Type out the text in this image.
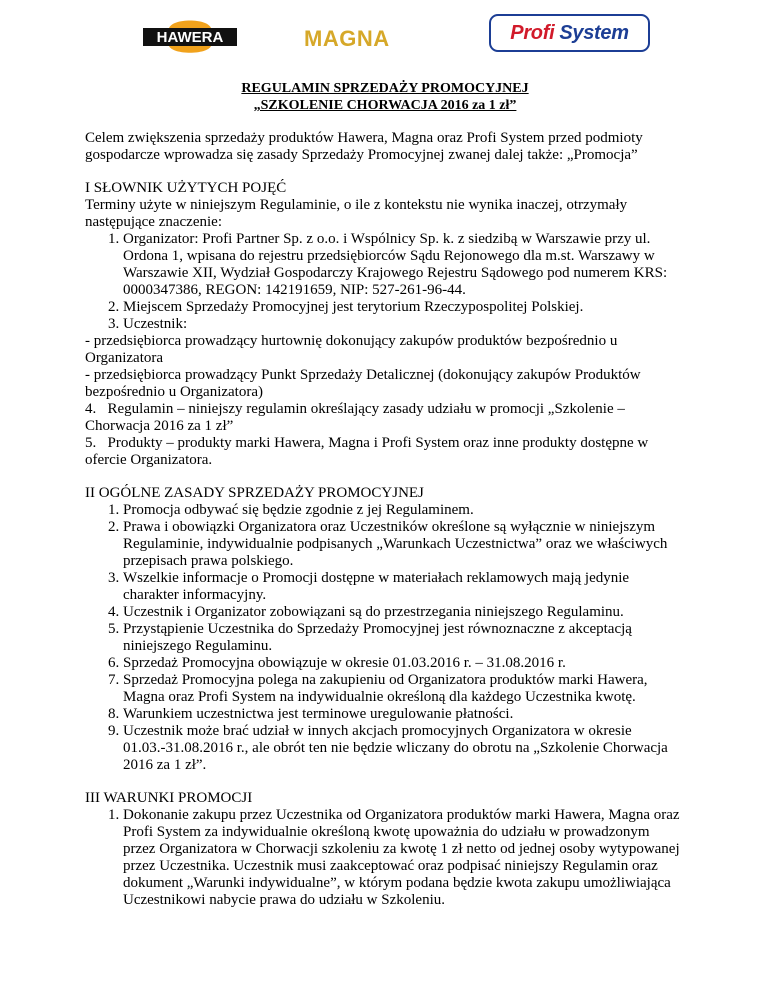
HAWERA	MAGNA	Profi System

REGULAMIN SPRZEDAŻY PROMOCYJNEJ

„SZKOLENIE CHORWACJA 2016 za 1 zł”

Celem zwiększenia sprzedaży produktów Hawera, Magna oraz Profi System przed podmioty gospodarcze wprowadza się zasady Sprzedaży Promocyjnej zwanej dalej także: „Promocja”

I SŁOWNIK UŻYTYCH POJĘĆ

Terminy użyte w niniejszym Regulaminie, o ile z kontekstu nie wynika inaczej, otrzymały następujące znaczenie:

1. Organizator: Profi Partner Sp. z o.o. i Wspólnicy Sp. k. z siedzibą w Warszawie przy ul. Ordona 1, wpisana do rejestru przedsiębiorców Sądu Rejonowego dla m.st. Warszawy w Warszawie XII, Wydział Gospodarczy Krajowego Rejestru Sądowego pod numerem KRS: 0000347386, REGON: 142191659, NIP: 527-261-96-44.
2. Miejscem Sprzedaży Promocyjnej jest terytorium Rzeczypospolitej Polskiej.
3. Uczestnik:

- przedsiębiorca prowadzący hurtownię dokonujący zakupów produktów bezpośrednio u Organizatora

- przedsiębiorca prowadzący Punkt Sprzedaży Detalicznej (dokonujący zakupów Produktów bezpośrednio u Organizatora)

4.   Regulamin – niniejszy regulamin określający zasady udziału w promocji „Szkolenie – Chorwacja 2016 za 1 zł”

5.   Produkty – produkty marki Hawera, Magna i Profi System oraz inne produkty dostępne w ofercie Organizatora.

II OGÓLNE ZASADY SPRZEDAŻY PROMOCYJNEJ

1. Promocja odbywać się będzie zgodnie z jej Regulaminem.
2. Prawa i obowiązki Organizatora oraz Uczestników określone są wyłącznie w niniejszym Regulaminie, indywidualnie podpisanych „Warunkach Uczestnictwa” oraz we właściwych przepisach prawa polskiego.
3. Wszelkie informacje o Promocji dostępne w materiałach reklamowych mają jedynie charakter informacyjny.
4. Uczestnik i Organizator zobowiązani są do przestrzegania niniejszego Regulaminu.
5. Przystąpienie Uczestnika do Sprzedaży Promocyjnej jest równoznaczne z akceptacją niniejszego Regulaminu.
6. Sprzedaż Promocyjna obowiązuje w okresie 01.03.2016 r. – 31.08.2016 r.
7. Sprzedaż Promocyjna polega na zakupieniu od Organizatora produktów marki Hawera, Magna oraz Profi System na indywidualnie określoną dla każdego Uczestnika kwotę.
8. Warunkiem uczestnictwa jest terminowe uregulowanie płatności.
9. Uczestnik może brać udział w innych akcjach promocyjnych Organizatora w okresie 01.03.-31.08.2016 r., ale obrót ten nie będzie wliczany do obrotu na „Szkolenie Chorwacja 2016 za 1 zł”.

III WARUNKI PROMOCJI

1. Dokonanie zakupu przez Uczestnika od Organizatora produktów marki Hawera, Magna oraz Profi System za indywidualnie określoną kwotę upoważnia do udziału w prowadzonym przez Organizatora w Chorwacji szkoleniu za kwotę 1 zł netto od jednej osoby wytypowanej przez Uczestnika. Uczestnik musi zaakceptować oraz podpisać niniejszy Regulamin oraz dokument „Warunki indywidualne”, w którym podana będzie kwota zakupu umożliwiająca Uczestnikowi nabycie prawa do udziału w Szkoleniu.
